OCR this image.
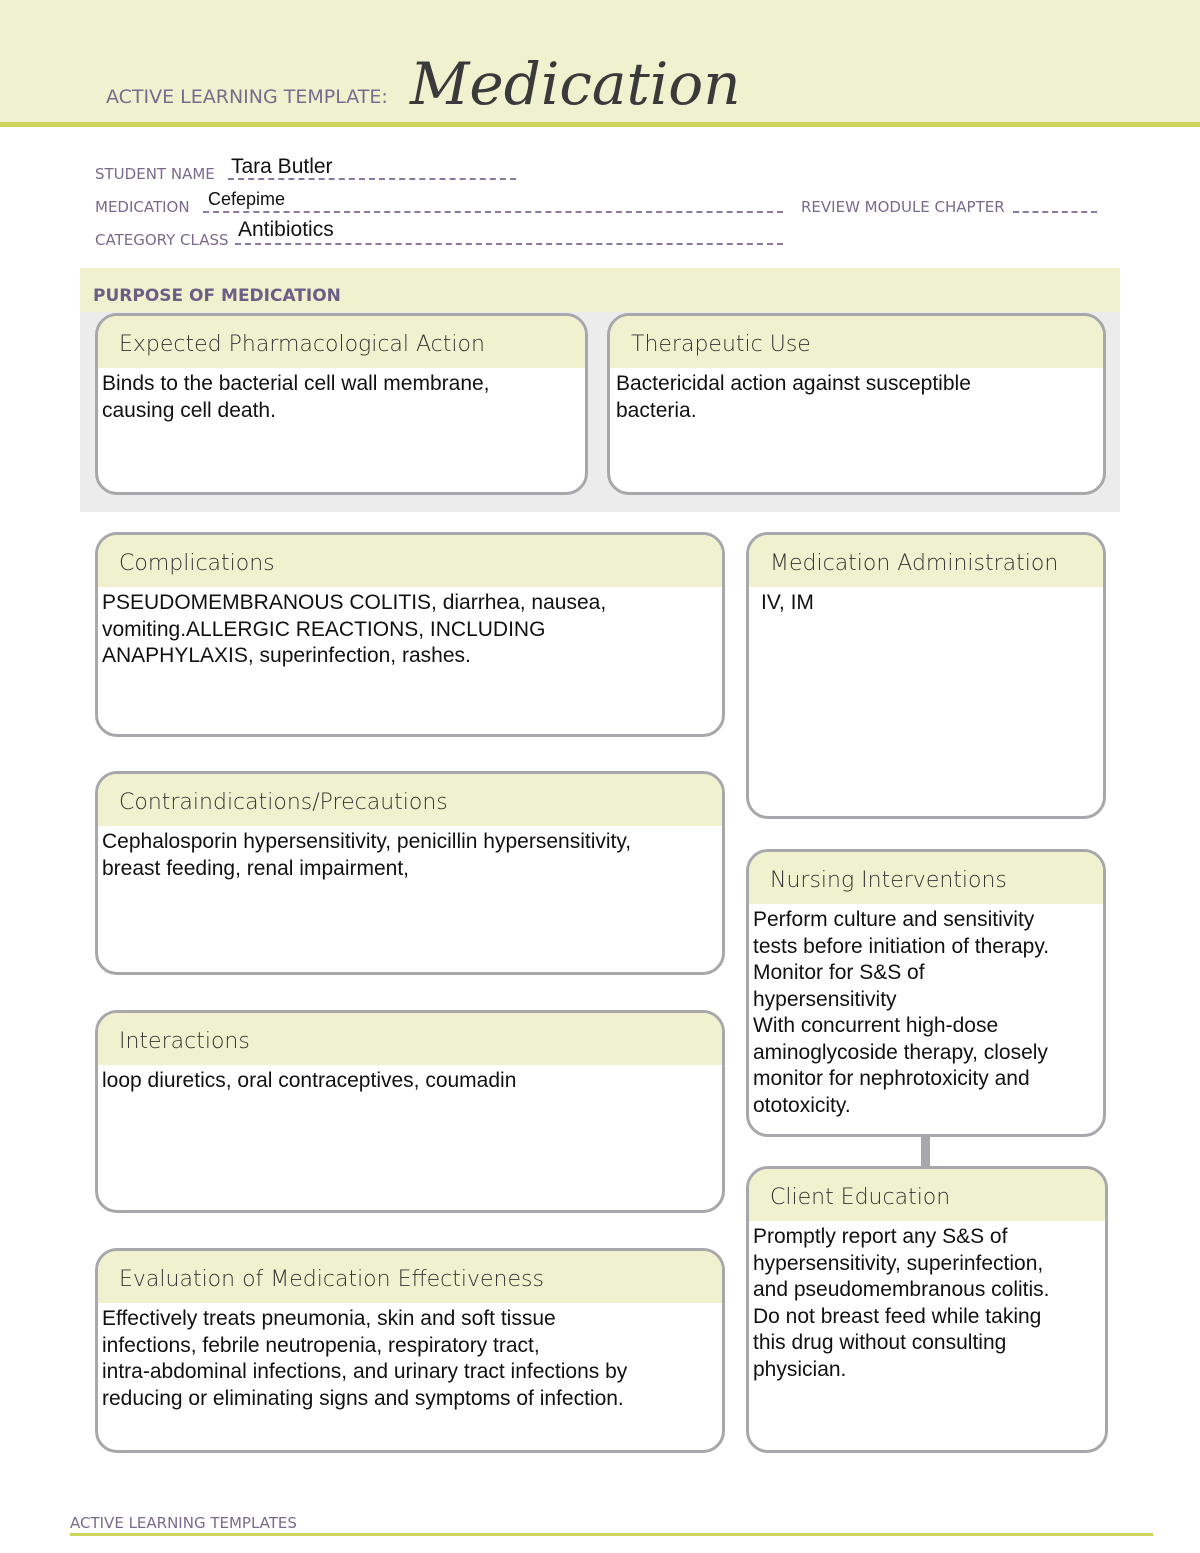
ACTIVE LEARNING TEMPLATE: Medication
STUDENT NAME Tara Butler
MEDICATION Cefepime	REVIEW MODULE CHAPTER
CATEGORY CLASS Antibiotics
PURPOSE OF MEDICATION
Expected Pharmacological Action
Binds to the bacterial cell wall membrane,
causing cell death.
Therapeutic Use
Bactericidal action against susceptible
bacteria.
Complications
PSEUDOMEMBRANOUS COLITIS, diarrhea, nausea,
vomiting.ALLERGIC REACTIONS, INCLUDING
ANAPHYLAXIS, superinfection, rashes.
Medication Administration
IV, IM
Contraindications/Precautions
Cephalosporin hypersensitivity, penicillin hypersensitivity,
breast feeding, renal impairment,	Nursing Interventions
Perform culture and sensitivity
tests before initiation of therapy.
Monitor for S&S of
hypersensitivity
With concurrent high-dose
aminoglycoside therapy, closely
monitor for nephrotoxicity and
ototoxicity.
Interactions
loop diuretics, oral contraceptives, coumadin
Client Education
Promptly report any S&S of
hypersensitivity, superinfection,
and pseudomembranous colitis.
Do not breast feed while taking
this drug without consulting
physician.
Evaluation of Medication Effectiveness
Effectively treats pneumonia, skin and soft tissue
infections, febrile neutropenia, respiratory tract,
intra-abdominal infections, and urinary tract infections by
reducing or eliminating signs and symptoms of infection.
ACTIVE LEARNING TEMPLATES
